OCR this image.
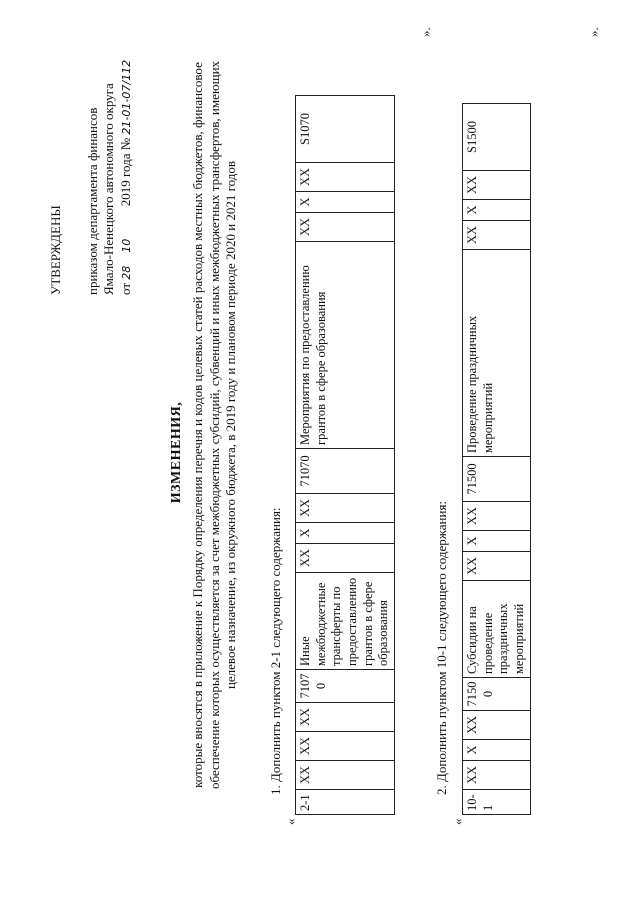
УТВЕРЖДЕНЫ приказом департамента финансов Ямало-Ненецкого автономного округа от 28    10          2019 года № 21-01-07/112
ИЗМЕНЕНИЯ, которые вносятся в приложение к Порядку определения перечня и кодов целевых статей расходов местных бюджетов, финансовое обеспечение которых осуществляется за счет межбюджетных субсидий, субвенций и иных межбюджетных трансфертов, имеющих целевое назначение, из окружного бюджета, в 2019 году и плановом периоде 2020 и 2021 годов 1. Дополнить пунктом 2-1 следующего содержания:
«
2-1	ХХ	ХХ	ХХ	7107 0	Иные межбюджетные трансферты по предоставлению грантов в сфере образования	ХХ	Х	ХХ	71070	Мероприятия по предоставлению грантов в сфере образования	ХХ	Х	ХХ	S1070
».
2. Дополнить пунктом 10-1 следующего содержания:
«
10-1	ХХ	Х	ХХ	7150 0	Субсидии на проведение праздничных мероприятий	ХХ	Х	ХХ	71500	Проведение праздничных мероприятий	ХХ	Х	ХХ	S1500
».
